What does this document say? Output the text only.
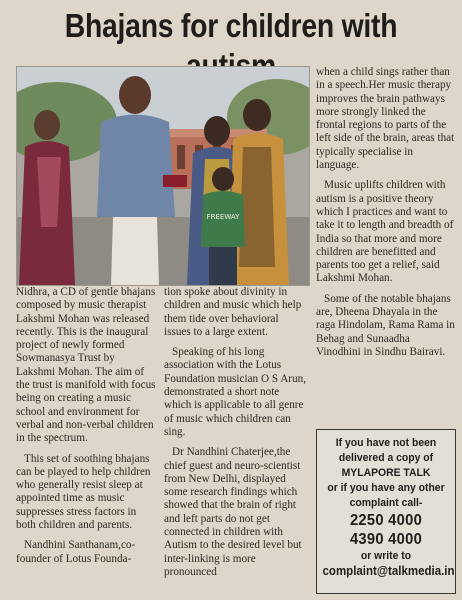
Bhajans for children with
FREEWAY

Nidhra, a CD of gentle bhajans composed by music therapist Lakshmi Mohan was released recently. This is the inaugural project of newly formed Sowmanasya Trust by Lakshmi Mohan. The aim of the trust is manifold with focus being on creating a music school and environment for verbal and non-verbal children in the spectrum.

This set of soothing bhajans can be played to help children who generally resist sleep at appointed time as music suppresses stress factors in both children and parents.

Nandhini Santhanam,co-founder of Lotus Founda-

tion spoke about divinity in children and music which help them tide over behavioral issues to a large extent.

Speaking of his long association with the Lotus Foundation musician O S Arun, demonstrated a short note which is applicable to all genre of music which children can sing.

Dr Nandhini Chaterjee,the chief guest and neuro-scientist from New Delhi, displayed some research findings which showed that the brain of right and left parts do not get connected in children with Autism to the desired level but inter-linking is more pronounced

when a child sings rather than in a speech.Her music therapy improves the brain pathways more strongly linked the frontal regions to parts of the left side of the brain, areas that typically specialise in language.

Music uplifts children with autism is a positive theory which I practices and want to take it to length and breadth of India so that more and more children are benefitted and parents too get a relief, said Lakshmi Mohan.

Some of the notable bhajans are, Dheena Dhayala in the raga Hindolam, Rama Rama in Behag and Sunaadha Vinodhini in Sindhu Bairavi.

If you have not been
delivered a copy of
MYLAPORE TALK
or if you have any other
complaint call-
2250 4000
4390 4000
or write to
complaint@talkmedia.in
